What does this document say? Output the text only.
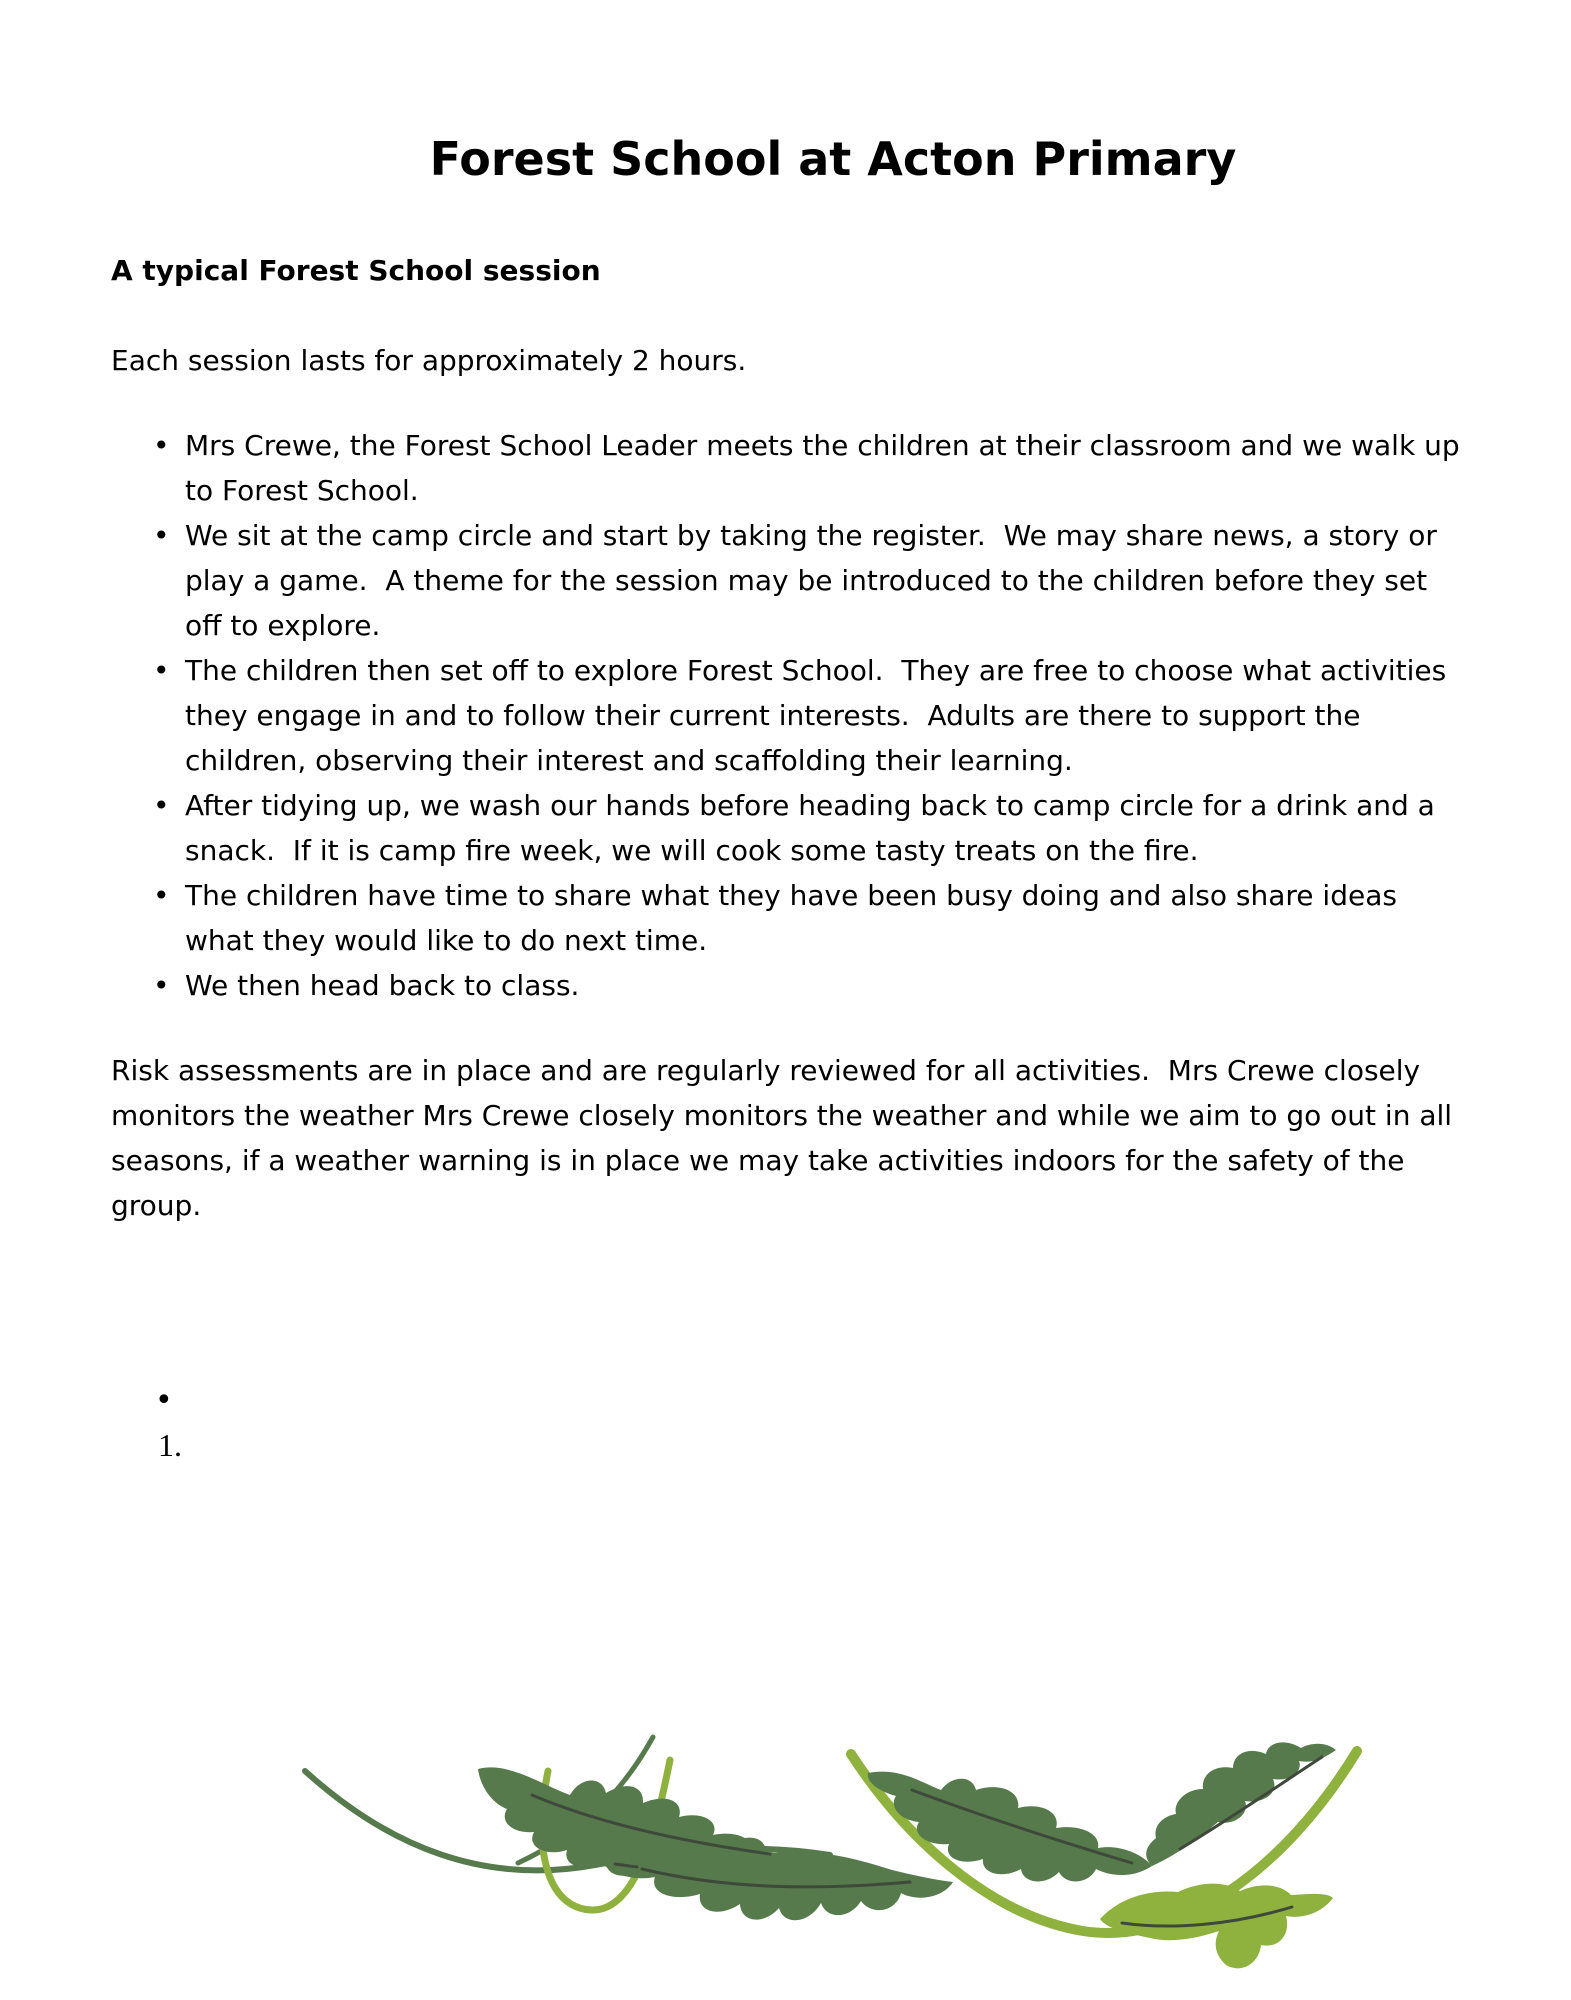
Forest School at Acton Primary
A typical Forest School session

Each session lasts for approximately 2 hours.

• Mrs Crewe, the Forest School Leader meets the children at their classroom and we walk up to Forest School.
• We sit at the camp circle and start by taking the register.  We may share news, a story or play a game.  A theme for the session may be introduced to the children before they set off to explore.
• The children then set off to explore Forest School.  They are free to choose what activities they engage in and to follow their current interests.  Adults are there to support the children, observing their interest and scaffolding their learning.
• After tidying up, we wash our hands before heading back to camp circle for a drink and a snack.  If it is camp fire week, we will cook some tasty treats on the fire.
• The children have time to share what they have been busy doing and also share ideas what they would like to do next time.
• We then head back to class.

Risk assessments are in place and are regularly reviewed for all activities.  Mrs Crewe closely monitors the weather Mrs Crewe closely monitors the weather and while we aim to go out in all seasons, if a weather warning is in place we may take activities indoors for the safety of the group.

•
1.
